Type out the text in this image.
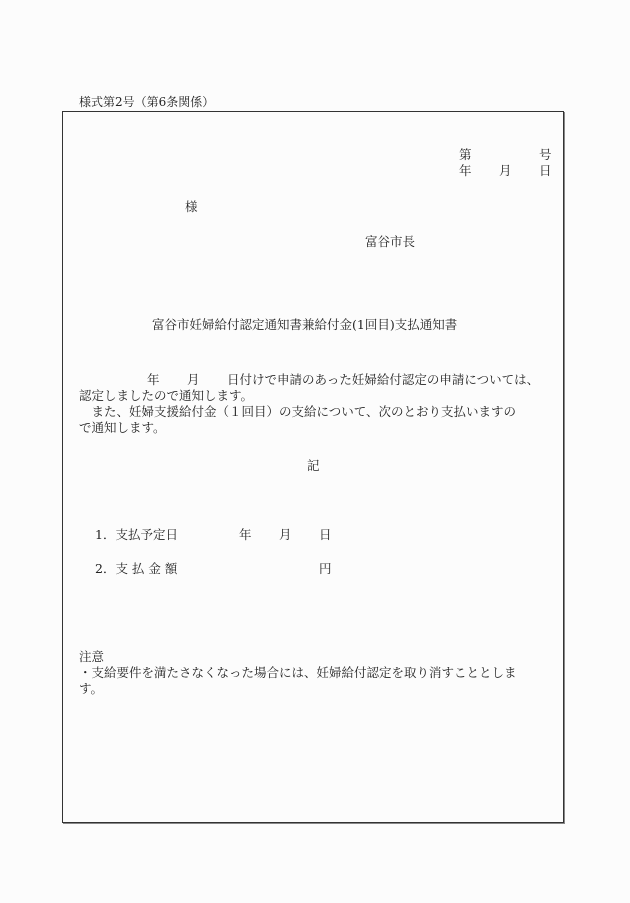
様式第2号（第6条関係）
第	号
年 月 日
様
富谷市長
富谷市妊婦給付認定通知書兼給付金(1回目)支払通知書
年 月 日付けで申請のあった妊婦給付認定の申請については、
認定しましたので通知します。
　また、妊婦支援給付金（１回目）の支給について、次のとおり支払いますの
で通知します。
記
1．支払予定日	年 月 日
2．支 払 金 額	円
注意
・支給要件を満たさなくなった場合には、妊婦給付認定を取り消すこととしま
す。
